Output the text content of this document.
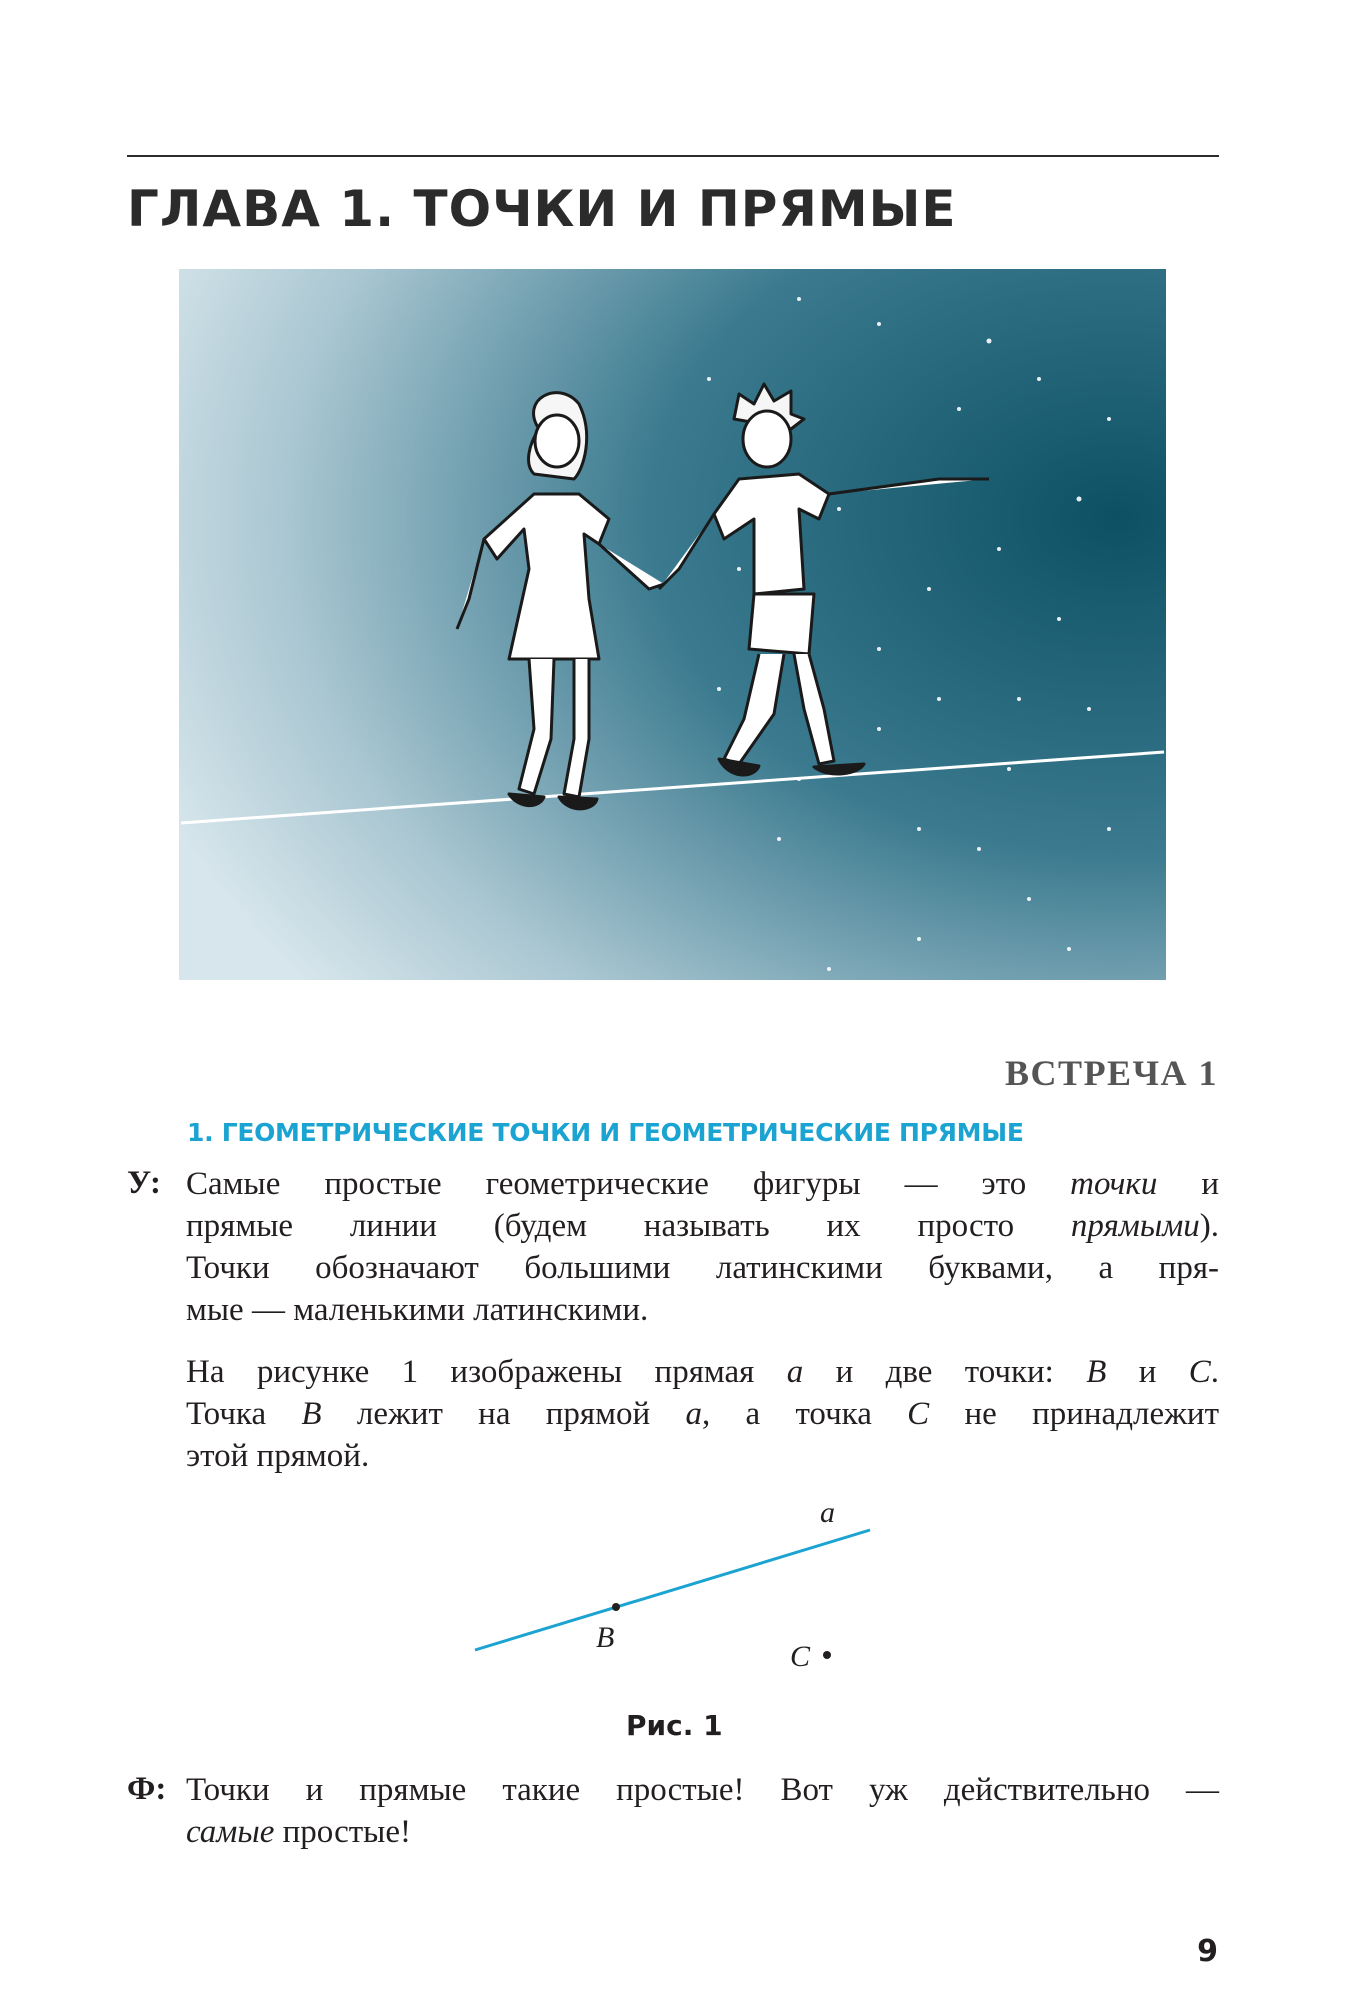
ГЛАВА 1. ТОЧКИ И ПРЯМЫЕ
ВСТРЕЧА 1
1. ГЕОМЕТРИЧЕСКИЕ ТОЧКИ И ГЕОМЕТРИЧЕСКИЕ ПРЯМЫЕ
У: Самые простые геометрические фигуры — это точки и
прямые линии (будем называть их просто прямыми).
Точки обозначают большими латинскими буквами, а пря-
мые — маленькими латинскими.
На рисунке 1 изображены прямая a и две точки: B и C.
Точка B лежит на прямой a, а точка C не принадлежит
этой прямой.
a
B
C
Рис. 1
Ф: Точки и прямые такие простые! Вот уж действительно —
самые простые!
9
